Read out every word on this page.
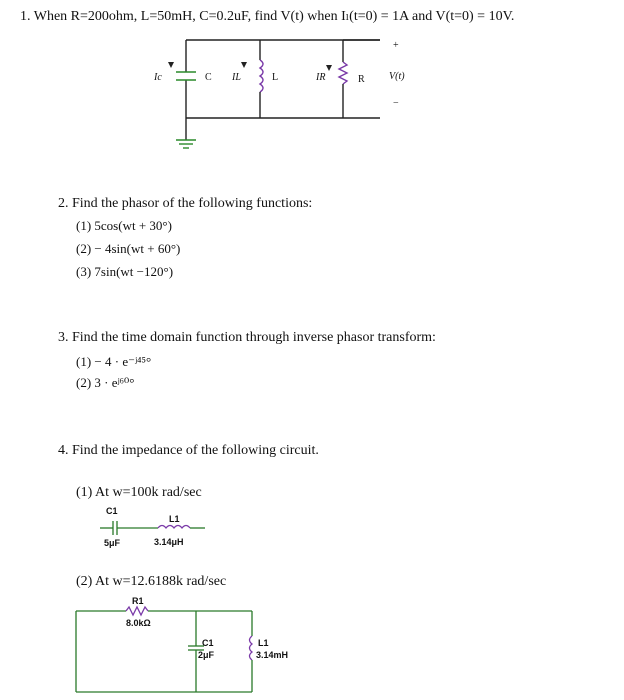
1. When R=200ohm, L=50mH, C=0.2uF, find V(t) when Iₗ(t=0) = 1A and V(t=0) = 10V.
Ic	C IL	L	IR	R
+
V(t)
−
2. Find the phasor of the following functions:
(1) 5cos(wt + 30°)
(2) − 4sin(wt + 60°)
(3) 7sin(wt −120°)
3. Find the time domain function through inverse phasor transform:
(1) − 4 · e⁻ʲ⁴⁵°
(2) 3 · eʲ⁶⁰°
4. Find the impedance of the following circuit.
(1) At w=100k rad/sec
C1
5μF
L1
3.14μH
(2) At w=12.6188k rad/sec
R1
8.0kΩ
C1
2μF
L1
3.14mH
